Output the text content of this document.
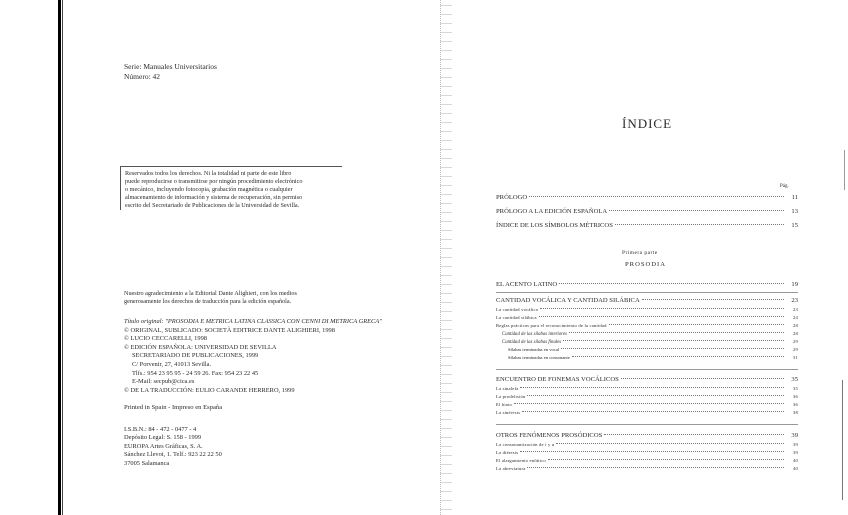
Serie: Manuales Universitarios
Número: 42
Reservados todos los derechos. Ni la totalidad ni parte de este libro
puede reproducirse o transmitirse por ningún procedimiento electrónico
o mecánico, incluyendo fotocopia, grabación magnética o cualquier
almacenamiento de información y sistema de recuperación, sin permiso
escrito del Secretariado de Publicaciones de la Universidad de Sevilla.
Nuestro agradecimiento a la Editorial Dante Alighieri, con los medios
generosamente los derechos de traducción para la edición española.
Título original: "PROSODIA E METRICA LATINA CLASSICA CON CENNI DI METRICA GRECA"
© ORIGINAL, SUBLICADO: SOCIETÀ EDITRICE DANTE ALIGHIERI, 1998
© LUCIO CECCARELLI, 1998
© EDICIÓN ESPAÑOLA: UNIVERSIDAD DE SEVILLA
SECRETARIADO DE PUBLICACIONES, 1999
C/ Porvenir, 27, 41013 Sevilla.
Tlfs.: 954 23 95 95 - 24 59 26. Fax: 954 23 22 45
E-Mail: secpub@cica.es
© DE LA TRADUCCIÓN: EULIO CARANDE HERRERO, 1999
Printed in Spain - Impreso en España
I.S.B.N.: 84 - 472 - 0477 - 4
Depósito Legal: S. 158 - 1999
EUROPA Artes Gráficas, S. A.
Sánchez Llevot, 1. Telf.: 923 22 22 50
37005 Salamanca
ÍNDICE
Pág.
PRÓLOGO	11
PRÓLOGO A LA EDICIÓN ESPAÑOLA	13
ÍNDICE DE LOS SÍMBOLOS MÉTRICOS	15
Primera parte
PROSODIA
EL ACENTO LATINO	19
CANTIDAD VOCÁLICA Y CANTIDAD SILÁBICA	23
La cantidad vocálica	23
La cantidad silábica	24
Reglas prácticas para el reconocimiento de la cantidad	28
Cantidad de las sílabas interiores	28
Cantidad de las sílabas finales	29
Sílabas terminadas en vocal	29
Sílabas terminadas en consonante	31
ENCUENTRO DE FONEMAS VOCÁLICOS	35
La sinalefa	35
La prodelisión	36
El hiato	36
La sinéresis	38
OTROS FENÓMENOS PROSÓDICOS	39
La consonantización de i y u	39
La diéresis	39
El alargamiento enfático	40
La abreviatura	40
